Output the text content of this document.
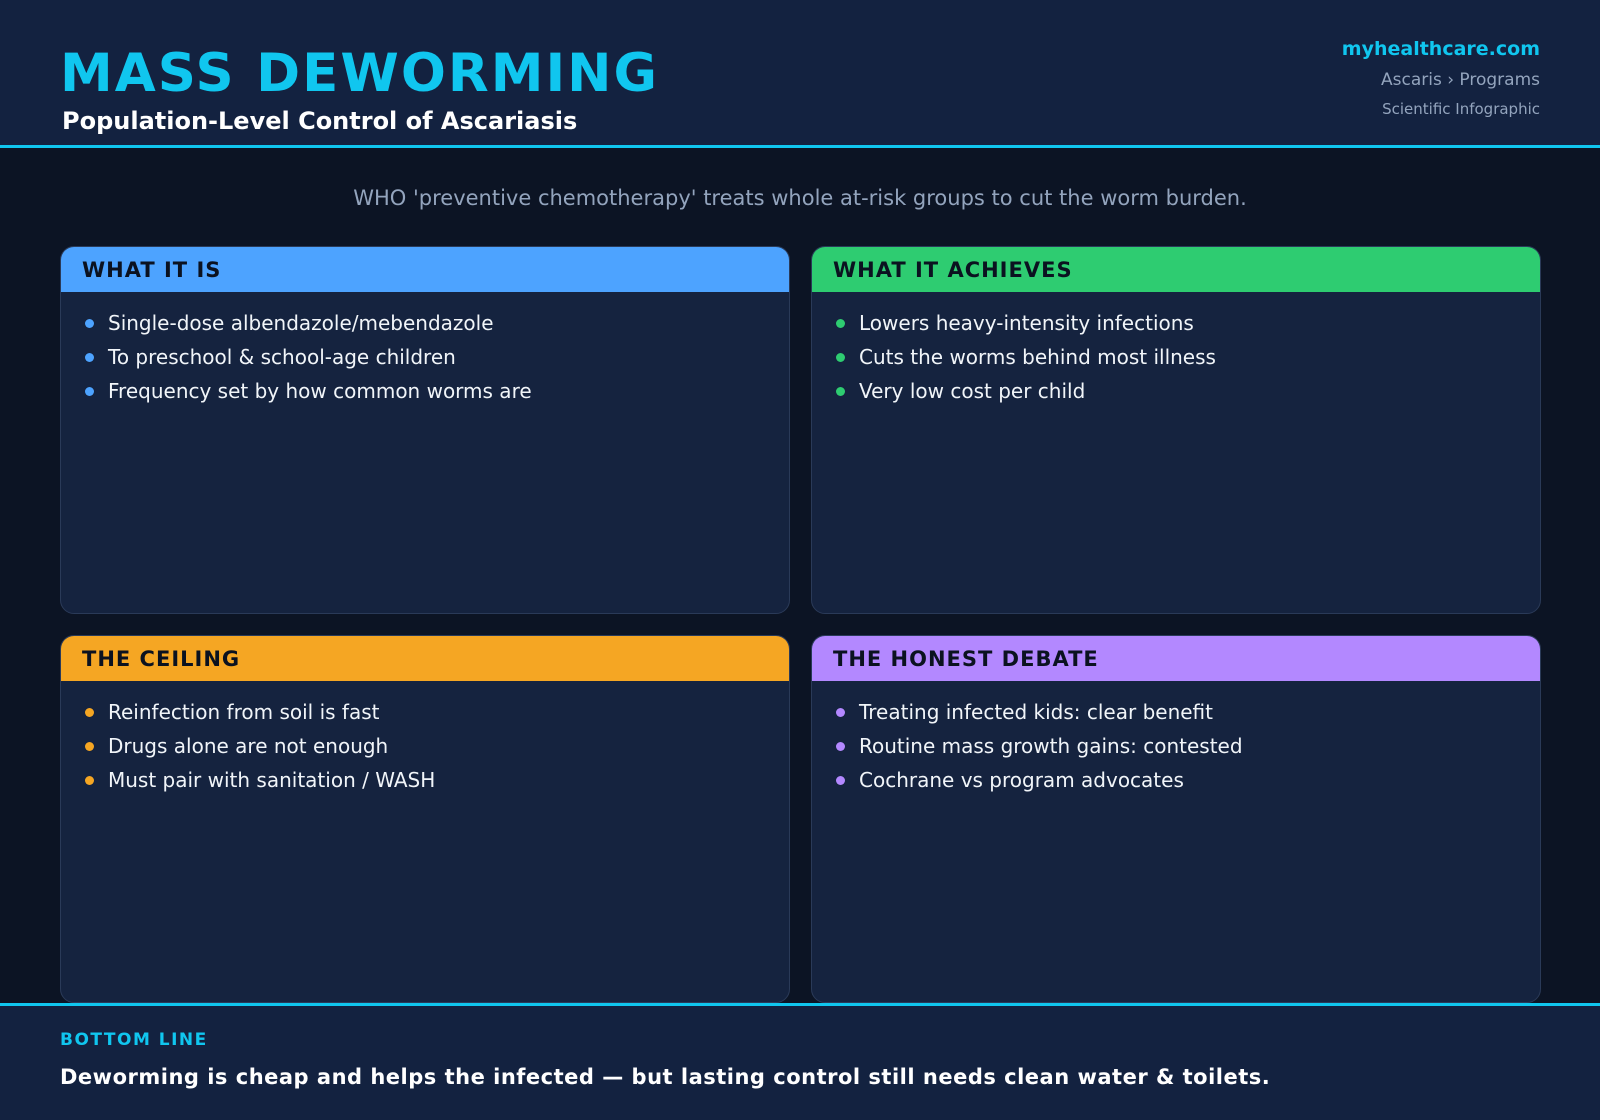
MASS DEWORMING
Population-Level Control of Ascariasis
myhealthcare.com
Ascaris › Programs
Scientific Infographic
WHO 'preventive chemotherapy' treats whole at-risk groups to cut the worm burden.
WHAT IT IS
Single-dose albendazole/mebendazole
To preschool & school-age children
Frequency set by how common worms are
WHAT IT ACHIEVES
Lowers heavy-intensity infections
Cuts the worms behind most illness
Very low cost per child
THE CEILING
Reinfection from soil is fast
Drugs alone are not enough
Must pair with sanitation / WASH
THE HONEST DEBATE
Treating infected kids: clear benefit
Routine mass growth gains: contested
Cochrane vs program advocates
BOTTOM LINE
Deworming is cheap and helps the infected — but lasting control still needs clean water & toilets.
